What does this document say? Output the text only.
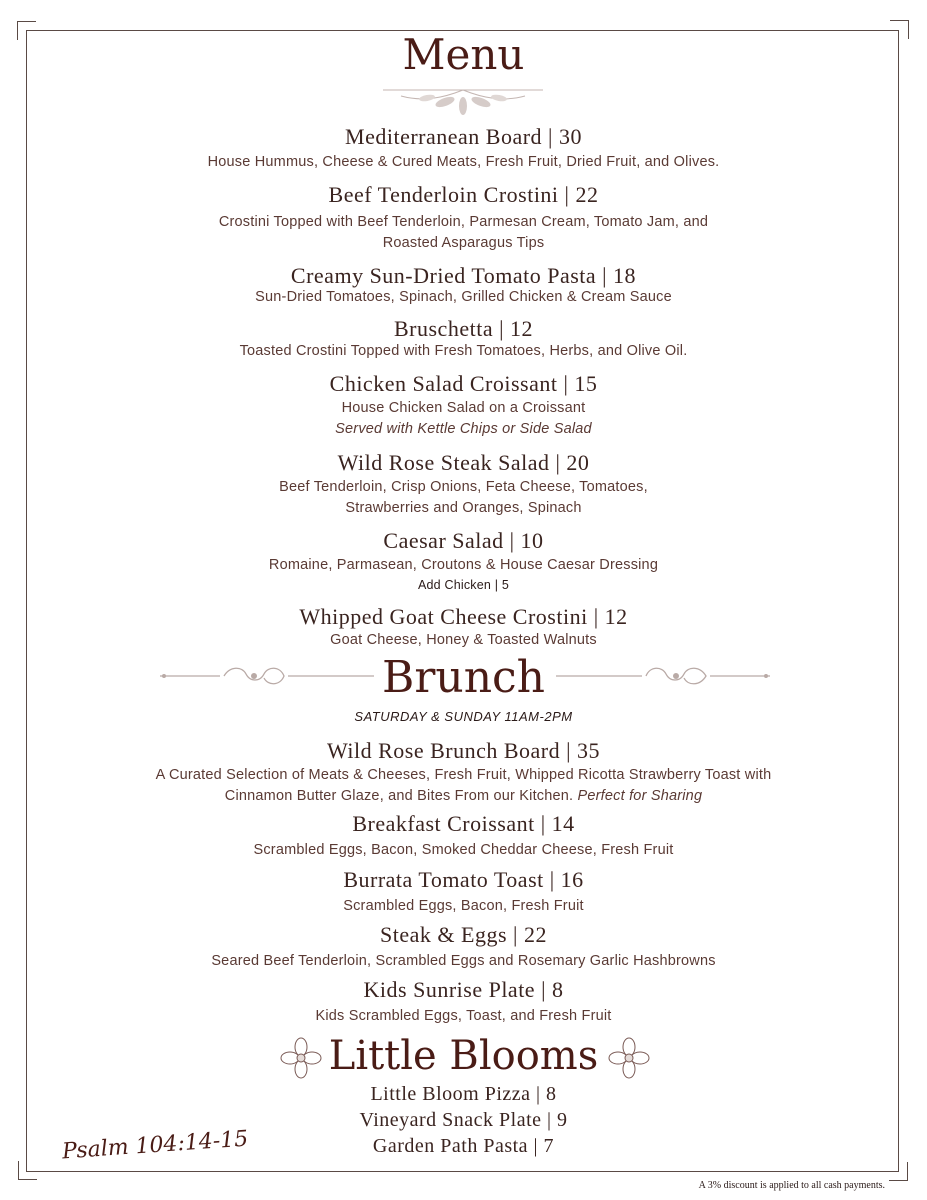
Menu
Mediterranean Board | 30
House Hummus, Cheese & Cured Meats, Fresh Fruit, Dried Fruit, and Olives.
Beef Tenderloin Crostini | 22
Crostini Topped with Beef Tenderloin, Parmesan Cream, Tomato Jam, and
Roasted Asparagus Tips
Creamy Sun-Dried Tomato Pasta | 18
Sun-Dried Tomatoes, Spinach, Grilled Chicken & Cream Sauce
Bruschetta | 12
Toasted Crostini Topped with Fresh Tomatoes, Herbs, and Olive Oil.
Chicken Salad Croissant | 15
House Chicken Salad on a Croissant
Served with Kettle Chips or Side Salad
Wild Rose Steak Salad | 20
Beef Tenderloin, Crisp Onions, Feta Cheese, Tomatoes,
Strawberries and Oranges, Spinach
Caesar Salad | 10
Romaine, Parmasean, Croutons & House Caesar Dressing
Add Chicken | 5
Whipped Goat Cheese Crostini | 12
Goat Cheese, Honey & Toasted Walnuts
Brunch
SATURDAY & SUNDAY 11AM-2PM
Wild Rose Brunch Board | 35
A Curated Selection of Meats & Cheeses, Fresh Fruit, Whipped Ricotta Strawberry Toast with
Cinnamon Butter Glaze, and Bites From our Kitchen. Perfect for Sharing
Breakfast Croissant | 14
Scrambled Eggs, Bacon, Smoked Cheddar Cheese, Fresh Fruit
Burrata Tomato Toast | 16
Scrambled Eggs, Bacon, Fresh Fruit
Steak & Eggs | 22
Seared Beef Tenderloin, Scrambled Eggs and Rosemary Garlic Hashbrowns
Kids Sunrise Plate | 8
Kids Scrambled Eggs, Toast, and Fresh Fruit
Little Blooms
Little Bloom Pizza | 8
Vineyard Snack Plate | 9
Garden Path Pasta | 7
Psalm 104:14-15
A 3% discount is applied to all cash payments.
